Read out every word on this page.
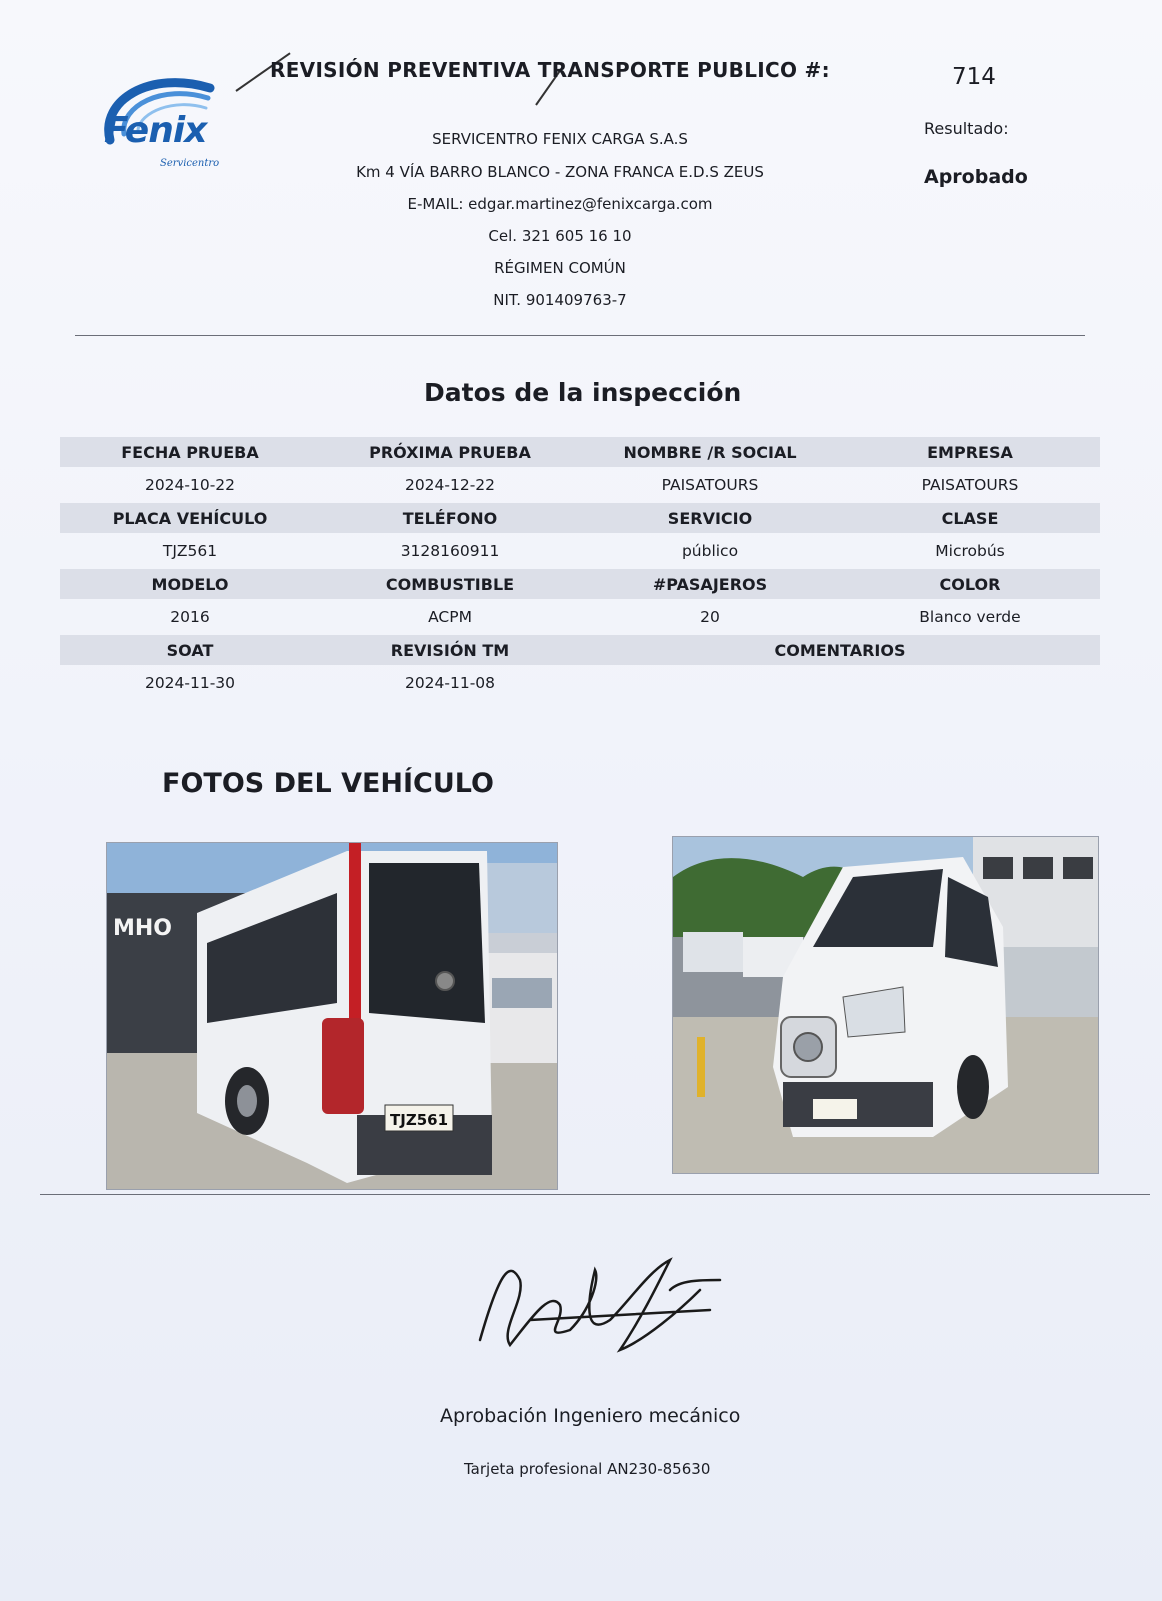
Fenix
Servicentro
REVISIÓN PREVENTIVA TRANSPORTE PUBLICO #:	714
Resultado:
Aprobado
SERVICENTRO FENIX CARGA S.A.S
Km 4 VÍA BARRO BLANCO - ZONA FRANCA E.D.S ZEUS
E-MAIL: edgar.martinez@fenixcarga.com
Cel. 321 605 16 10
RÉGIMEN COMÚN
NIT. 901409763-7
Datos de la inspección
FECHA PRUEBA	PRÓXIMA PRUEBA	NOMBRE /R SOCIAL	EMPRESA
2024-10-22	2024-12-22	PAISATOURS	PAISATOURS
PLACA VEHÍCULO	TELÉFONO	SERVICIO	CLASE
TJZ561	3128160911	público	Microbús
MODELO	COMBUSTIBLE	#PASAJEROS	COLOR
2016	ACPM	20	Blanco verde
SOAT	REVISIÓN TM	COMENTARIOS
2024-11-30	2024-11-08
FOTOS DEL VEHÍCULO
MHO
TJZ561
Aprobación Ingeniero mecánico
Tarjeta profesional AN230-85630
